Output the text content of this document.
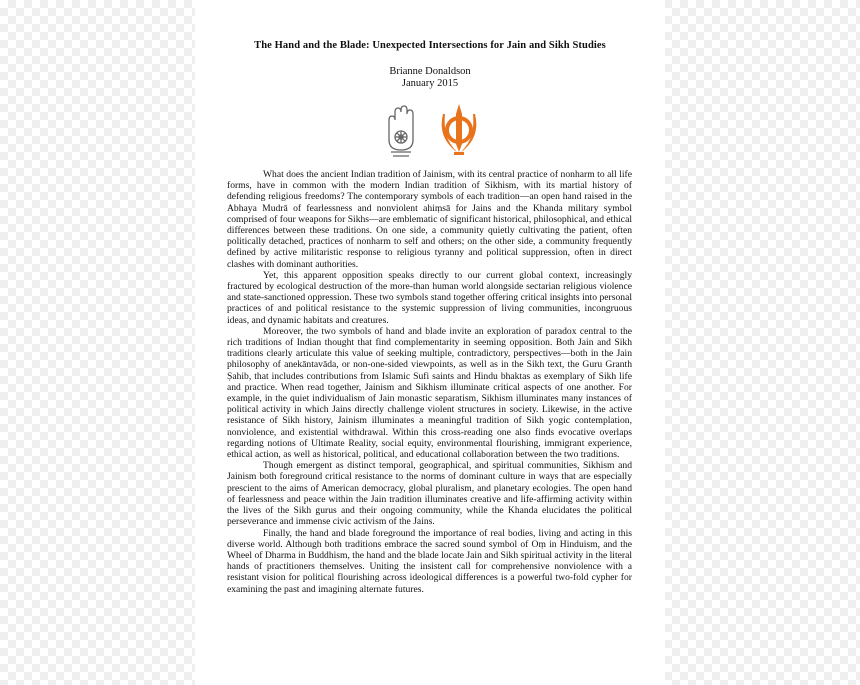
The Hand and the Blade: Unexpected Intersections for Jain and Sikh Studies
Brianne Donaldson
January 2015

What does the ancient Indian tradition of Jainism, with its central practice of nonharm to all life forms, have in common with the modern Indian tradition of Sikhism, with its martial history of defending religious freedoms? The contemporary symbols of each tradition—an open hand raised in the Abhaya Mudrā of fearlessness and nonviolent ahiṃsā for Jains and the Khanda military symbol comprised of four weapons for Sikhs—are emblematic of significant historical, philosophical, and ethical differences between these traditions. On one side, a community quietly cultivating the patient, often politically detached, practices of nonharm to self and others; on the other side, a community frequently defined by active militaristic response to religious tyranny and political suppression, often in direct clashes with dominant authorities.

Yet, this apparent opposition speaks directly to our current global context, increasingly fractured by ecological destruction of the more-than human world alongside sectarian religious violence and state-sanctioned oppression. These two symbols stand together offering critical insights into personal practices of and political resistance to the systemic suppression of living communities, incongruous ideas, and dynamic habitats and creatures.

Moreover, the two symbols of hand and blade invite an exploration of paradox central to the rich traditions of Indian thought that find complementarity in seeming opposition. Both Jain and Sikh traditions clearly articulate this value of seeking multiple, contradictory, perspectives—both in the Jain philosophy of anekāntavāda, or non-one-sided viewpoints, as well as in the Sikh text, the Guru Granth Ṣahib, that includes contributions from Islamic Sufi saints and Hindu bhaktas as exemplary of Sikh life and practice. When read together, Jainism and Sikhism illuminate critical aspects of one another. For example, in the quiet individualism of Jain monastic separatism, Sikhism illuminates many instances of political activity in which Jains directly challenge violent structures in society. Likewise, in the active resistance of Sikh history, Jainism illuminates a meaningful tradition of Sikh yogic contemplation, nonviolence, and existential withdrawal. Within this cross-reading one also finds evocative overlaps regarding notions of Ultimate Reality, social equity, environmental flourishing, immigrant experience, ethical action, as well as historical, political, and educational collaboration between the two traditions.

Though emergent as distinct temporal, geographical, and spiritual communities, Sikhism and Jainism both foreground critical resistance to the norms of dominant culture in ways that are especially prescient to the aims of American democracy, global pluralism, and planetary ecologies. The open hand of fearlessness and peace within the Jain tradition illuminates creative and life-affirming activity within the lives of the Sikh gurus and their ongoing community, while the Khanda elucidates the political perseverance and immense civic activism of the Jains.

Finally, the hand and blade foreground the importance of real bodies, living and acting in this diverse world. Although both traditions embrace the sacred sound symbol of Oṃ in Hinduism, and the Wheel of Dharma in Buddhism, the hand and the blade locate Jain and Sikh spiritual activity in the literal hands of practitioners themselves. Uniting the insistent call for comprehensive nonviolence with a resistant vision for political flourishing across ideological differences is a powerful two-fold cypher for examining the past and imagining alternate futures.
